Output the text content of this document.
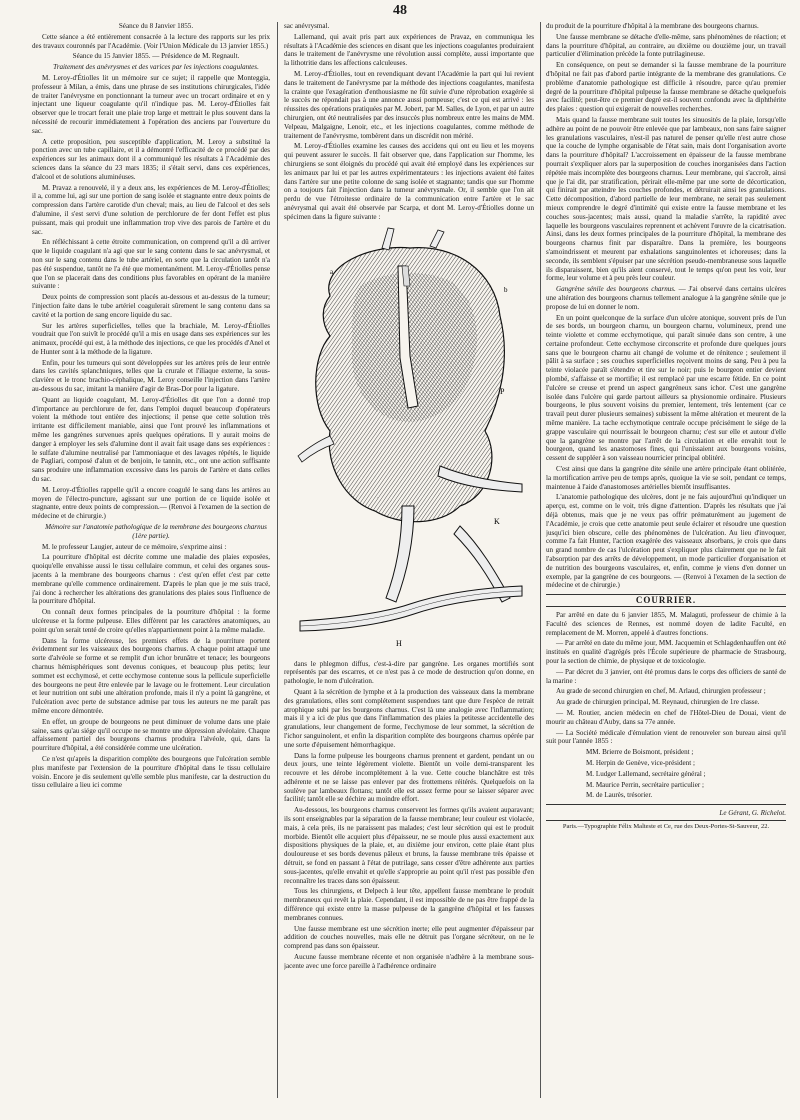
48

Séance du 8 Janvier 1855.

Cette séance a été entièrement consacrée à la lecture des rapports sur les prix des travaux couronnés par l'Académie. (Voir l'Union Médicale du 13 janvier 1855.)

Séance du 15 Janvier 1855. — Présidence de M. Regnault.

Traitement des anévrysmes et des varices par les injections coagulantes.

M. Leroy-d'Étiolles lit un mémoire sur ce sujet; il rappelle que Monteggia, professeur à Milan, a émis, dans une phrase de ses institutions chirurgicales, l'idée de traiter l'anévrysme en ponctionnant la tumeur avec un trocart ordinaire et en y injectant une liqueur coagulante qu'il n'indique pas. M. Leroy-d'Étiolles fait observer que le trocart ferait une plaie trop large et mettrait le plus souvent dans la nécessité de recourir immédiatement à l'opération des anciens par l'ouverture du sac.

A cette proposition, peu susceptible d'application, M. Leroy a substitué la ponction avec un tube capillaire, et il a démontré l'efficacité de ce procédé par des expériences sur les animaux dont il a communiqué les résultats à l'Académie des sciences dans la séance du 23 mars 1835; il s'était servi, dans ces expériences, d'alcool et de solutions aluminéuses.

M. Pravaz a renouvelé, il y a deux ans, les expériences de M. Leroy-d'Étiolles; il a, comme lui, agi sur une portion de sang isolée et stagnante entre deux points de compression dans l'artère carotide d'un cheval; mais, au lieu de l'alcool et des sels d'alumine, il s'est servi d'une solution de perchlorure de fer dont l'effet est plus puissant, mais qui produit une inflammation trop vive des parois de l'artère et du sac.

En réfléchissant à cette étroite communication, on comprend qu'il a dû arriver que le liquide coagulant n'a agi que sur le sang contenu dans le sac anévrysmal, et non sur le sang contenu dans le tube artériel, en sorte que la circulation tantôt n'a pas été suspendue, tantôt ne l'a été que momentanément. M. Leroy-d'Étiolles pense que l'on se placerait dans des conditions plus favorables en opérant de la manière suivante :

Deux points de compression sont placés au-dessous et au-dessus de la tumeur; l'injection faite dans le tube artériel coagulerait sûrement le sang contenu dans sa cavité et la portion de sang encore liquide du sac.

Sur les artères superficielles, telles que la brachiale, M. Leroy-d'Étiolles voudrait que l'on suivît le procédé qu'il a mis en usage dans ses expériences sur les animaux, procédé qui est, à la méthode des injections, ce que les procédés d'Anel et de Hunter sont à la méthode de la ligature.

Enfin, pour les tumeurs qui sont développées sur les artères près de leur entrée dans les cavités splanchniques, telles que la crurale et l'iliaque externe, la sous-clavière et le tronc brachio-céphalique, M. Leroy conseille l'injection dans l'artère au-dessous du sac, imitant la manière d'agir de Bras-Dor pour la ligature.

Quant au liquide coagulant, M. Leroy-d'Étiolles dit que l'on a donné trop d'importance au perchlorure de fer, dans l'emploi duquel beaucoup d'opérateurs voient la méthode tout entière des injections; il pense que cette solution très irritante est difficilement maniable, ainsi que l'ont prouvé les inflammations et même les gangrènes survenues après quelques opérations. Il y aurait moins de danger à employer les sels d'alumine dont il avait fait usage dans ses expériences : le sulfate d'alumine neutralisé par l'ammoniaque et des lavages répétés, le liquide de Pagliari, composé d'alun et de benjoin, le tannin, etc., ont une action suffisante sans produire une inflammation excessive dans les parois de l'artère et dans celles du sac.

M. Leroy-d'Étiolles rappelle qu'il a encore coagulé le sang dans les artères au moyen de l'électro-puncture, agissant sur une portion de ce liquide isolée et stagnante, entre deux points de compression.— (Renvoi à l'examen de la section de médecine et de chirurgie.)

Mémoire sur l'anatomie pathologique de la membrane des bourgeons charnus (1ère partie).

M. le professeur Laugier, auteur de ce mémoire, s'exprime ainsi :

La pourriture d'hôpital est décrite comme une maladie des plaies exposées, quoiqu'elle envahisse aussi le tissu cellulaire commun, et celui des organes sous-jacents à la membrane des bourgeons charnus : c'est qu'en effet c'est par cette membrane qu'elle commence ordinairement. D'après le plan que je me suis tracé, j'ai donc à rechercher les altérations des granulations des plaies sous l'influence de la pourriture d'hôpital.

On connaît deux formes principales de la pourriture d'hôpital : la forme ulcéreuse et la forme pulpeuse. Elles diffèrent par les caractères anatomiques, au point qu'on serait tenté de croire qu'elles n'appartiennent point à la même maladie.

Dans la forme ulcéreuse, les premiers effets de la pourriture portent évidemment sur les vaisseaux des bourgeons charnus. A chaque point attaqué une sorte d'alvéole se forme et se remplit d'un ichor brunâtre et tenace; les bourgeons charnus hémisphériques sont devenus coniques, et beaucoup plus petits; leur sommet est ecchymosé, et cette ecchymose contenue sous la pellicule superficielle des bourgeons ne peut être enlevée par le lavage ou le frottement. Leur circulation et leur nutrition ont subi une altération profonde, mais il n'y a point là gangrène, et l'ulcération avec perte de substance admise par tous les auteurs ne me paraît pas même encore démontrée.

En effet, un groupe de bourgeons ne peut diminuer de volume dans une plaie saine, sans qu'au siége qu'il occupe ne se montre une dépression alvéolaire. Chaque affaissement partiel des bourgeons charnus produira l'alvéole, qui, dans la pourriture d'hôpital, a été considérée comme une ulcération.

Ce n'est qu'après la disparition complète des bourgeons que l'ulcération semble plus manifeste par l'extension de la pourriture d'hôpital dans le tissu cellulaire voisin. Encore je dis seulement qu'elle semble plus manifeste, car la destruction du tissu cellulaire a lieu ici comme

sac anévrysmal.

Lallemand, qui avait pris part aux expériences de Pravaz, en communiqua les résultats à l'Académie des sciences en disant que les injections coagulantes produiraient dans le traitement de l'anévrysme une révolution aussi complète, aussi importante que la lithotritie dans les affections calculeuses.

M. Leroy-d'Étiolles, tout en revendiquant devant l'Académie la part qui lui revient dans le traitement de l'anévrysme par la méthode des injections coagulantes, manifesta la crainte que l'exagération d'enthousiasme ne fût suivie d'une réprobation exagérée si le succès ne répondait pas à une annonce aussi pompeuse; c'est ce qui est arrivé : les réussites des opérations pratiquées par M. Jobert, par M. Salles, de Lyon, et par un autre chirurgien, ont été neutralisées par des insuccès plus nombreux entre les mains de MM. Velpeau, Malgaigne, Lenoir, etc., et les injections coagulantes, comme méthode de traitement de l'anévrysme, tombèrent dans un discrédit non mérité.

M. Leroy-d'Étiolles examine les causes des accidens qui ont eu lieu et les moyens qui peuvent assurer le succès. Il fait observer que, dans l'application sur l'homme, les chirurgiens se sont éloignés du procédé qui avait été employé dans les expériences sur les animaux par lui et par les autres expérimentateurs : les injections avaient été faites dans l'artère sur une petite colonne de sang isolée et stagnante; tandis que sur l'homme on a toujours fait l'injection dans la tumeur anévrysmale. Or, il semble que l'on ait perdu de vue l'étroitesse ordinaire de la communication entre l'artère et le sac anévrysmal qui avait été observée par Scarpa, et dont M. Leroy-d'Étiolles donne un spécimen dans la figure suivante :

a
b
P
K
H

dans le phlegmon diffus, c'est-à-dire par gangrène. Les organes mortifiés sont représentés par des escarres, et ce n'est pas à ce mode de destruction qu'on donne, en pathologie, le nom d'ulcération.

Quant à la sécrétion de lymphe et à la production des vaisseaux dans la membrane des granulations, elles sont complétement suspendues tant que dure l'espèce de retrait atrophique subi par les bourgeons charnus. C'est là une analogie avec l'inflammation; mais il y a ici de plus que dans l'inflammation des plaies la petitesse accidentelle des granulations, leur changement de forme, l'ecchymose de leur sommet, la sécrétion de l'ichor sanguinolent, et enfin la disparition complète des bourgeons charnus opérée par une sorte d'épuisement hémorrhagique.

Dans la forme pulpeuse les bourgeons charnus prennent et gardent, pendant un ou deux jours, une teinte légèrement violette. Bientôt un voile demi-transparent les recouvre et les dérobe incomplétement à la vue. Cette couche blanchâtre est très adhérente et ne se laisse pas enlever par des frottemens réitérés. Quelquefois on la soulève par lambeaux flottans; tantôt elle est assez ferme pour se laisser séparer avec facilité; tantôt elle se déchire au moindre effort.

Au-dessous, les bourgeons charnus conservent les formes qu'ils avaient auparavant; ils sont enseignables par la séparation de la fausse membrane; leur couleur est violacée, mais, à cela près, ils ne paraissent pas malades; c'est leur sécrétion qui est le produit morbide. Bientôt elle acquiert plus d'épaisseur, ne se moule plus aussi exactement aux dispositions physiques de la plaie, et, au dixième jour environ, cette plaie étant plus douloureuse et ses bords devenus pâleux et bruns, la fausse membrane très épaisse et détruit, se fond en passant à l'état de putrilage, sans cesser d'être adhérente aux parties sous-jacentes, qu'elle envahit et qu'elle s'approprie au point qu'il n'est pas possible d'en reconnaître les traces dans son épaisseur.

Tous les chirurgiens, et Delpech à leur tête, appellent fausse membrane le produit membraneux qui revêt la plaie. Cependant, il est impossible de ne pas être frappé de la différence qui existe entre la masse pulpeuse de la gangrène d'hôpital et les fausses membranes connues.

Une fausse membrane est une sécrétion inerte; elle peut augmenter d'épaisseur par addition de couches nouvelles, mais elle ne détruit pas l'organe sécréteur, on ne le comprend pas dans son épaisseur.

Aucune fausse membrane récente et non organisée n'adhère à la membrane sous-jacente avec une force pareille à l'adhérence ordinaire

du produit de la pourriture d'hôpital à la membrane des bourgeons charnus.

Une fausse membrane se détache d'elle-même, sans phénomènes de réaction; et dans la pourriture d'hôpital, au contraire, au dixième ou douzième jour, un travail particulier d'élimination précède la fonte putrilagineuse.

En conséquence, on peut se demander si la fausse membrane de la pourriture d'hôpital ne fait pas d'abord partie intégrante de la membrane des granulations. Ce problème d'anatomie pathologique est difficile à résoudre, parce qu'au premier degré de la pourriture d'hôpital pulpeuse la fausse membrane se détache quelquefois avec facilité; peut-être ce premier degré est-il souvent confondu avec la diphthérite des plaies : question qui exigerait de nouvelles recherches.

Mais quand la fausse membrane suit toutes les sinuosités de la plaie, lorsqu'elle adhère au point de ne pouvoir être enlevée que par lambeaux, non sans faire saigner les granulations vasculaires, n'est-il pas naturel de penser qu'elle n'est autre chose que la couche de lymphe organisable de l'état sain, mais dont l'organisation avorte dans la pourriture d'hôpital? L'accroissement en épaisseur de la fausse membrane pourrait s'expliquer alors par la superposition de couches inorganisées dans l'action répétée mais incomplète des bourgeons charnus. Leur membrane, qui s'accroît, ainsi que je l'ai dit, par stratification, périrait elle-même par une sorte de décortication, qui finirait par atteindre les couches profondes, et détruirait ainsi les granulations. Cette décomposition, d'abord partielle de leur membrane, ne serait pas seulement mieux comprendre le degré d'intimité qui existe entre la fausse membrane et les couches sous-jacentes; mais aussi, quand la maladie s'arrête, la rapidité avec laquelle les bourgeons vasculaires reprennent et achèvent l'œuvre de la cicatrisation. Ainsi, dans les deux formes principales de la pourriture d'hôpital, la membrane des bourgeons charnus finit par disparaître. Dans la première, les bourgeons s'amoindrissent et meurent par exhalations sanguinolentes et ichoreuses; dans la seconde, ils semblent s'épuiser par une sécrétion pseudo-membraneuse sous laquelle ils disparaissent, bien qu'ils aient conservé, tout le temps qu'on peut les voir, leur forme, leur volume et à peu près leur couleur.

Gangrène sénile des bourgeons charnus. — J'ai observé dans certains ulcères une altération des bourgeons charnus tellement analogue à la gangrène sénile que je propose de lui en donner le nom.

En un point quelconque de la surface d'un ulcère atonique, souvent près de l'un de ses bords, un bourgeon charnu, un bourgeon charnu, volumineux, prend une teinte violette et comme ecchymotique, qui paraît sinuée dans son centre, à une certaine profondeur. Cette ecchymose circonscrite et profonde dure quelques jours sans que le bourgeon charnu ait changé de volume et de rénitence ; seulement il pâlit à sa surface ; ses couches superficielles reçoivent moins de sang. Peu à peu la teinte violacée paraît s'étendre et tire sur le noir; puis le bourgeon entier devient plombé, s'affaisse et se mortifie; il est remplacé par une escarre fétide. En ce point l'ulcère se creuse et prend un aspect gangréneux sans ichor. C'est une gangrène isolée dans l'ulcère qui garde partout ailleurs sa physionomie ordinaire. Plusieurs bourgeons, le plus souvent voisins du premier, lentement, très lentement (car ce travail peut durer plusieurs semaines) subissent la même altération et meurent de la même manière. La tache ecchymotique centrale occupe précisément le siége de la grappe vasculaire qui nourrissait le bourgeon charnu; c'est sur elle et autour d'elle que la gangrène se montre par l'arrêt de la circulation et elle envahit tout le bourgeon, quand les anastomoses fines, qui l'unissaient aux bourgeons voisins, cessent de suppléer à son vaisseau nourricier principal oblitéré.

C'est ainsi que dans la gangrène dite sénile une artère principale étant oblitérée, la mortification arrive peu de temps après, quoique la vie se soit, pendant ce temps, maintenue à l'aide d'anastomoses artérielles bientôt insuffisantes.

L'anatomie pathologique des ulcères, dont je ne fais aujourd'hui qu'indiquer un aperçu, est, comme on le voit, très digne d'attention. D'après les résultats que j'ai déjà obtenus, mais que je ne veux pas offrir prématurément au jugement de l'Académie, je crois que cette anatomie peut seule éclairer et résoudre une question jusqu'ici bien obscure, celle des phénomènes de l'ulcération. Au lieu d'invoquer, comme l'a fait Hunter, l'action exagérée des vaisseaux absorbans, je crois que dans un grand nombre de cas l'ulcération peut s'expliquer plus clairement que ne le fait l'absorption par des arrêts de développement, un mode particulier d'organisation et de nutrition des bourgeons vasculaires, et, enfin, comme je viens d'en donner un exemple, par la gangrène de ces bourgeons. — (Renvoi à l'examen de la section de médecine et de chirurgie.)

COURRIER.

Par arrêté en date du 6 janvier 1855, M. Malaguti, professeur de chimie à la Faculté des sciences de Rennes, est nommé doyen de ladite Faculté, en remplacement de M. Morren, appelé à d'autres fonctions.

— Par arrêté en date du même jour, MM. Jacquemin et Schlagdenhauffen ont été institués en qualité d'agrégés près l'École supérieure de pharmacie de Strasbourg, pour la section de chimie, de physique et de toxicologie.

— Par décret du 3 janvier, ont été promus dans le corps des officiers de santé de la marine :

Au grade de second chirurgien en chef, M. Arlaud, chirurgien professeur ;

Au grade de chirurgien principal, M. Reynaud, chirurgien de 1re classe.

— M. Routier, ancien médecin en chef de l'Hôtel-Dieu de Douai, vient de mourir au château d'Auby, dans sa 77e année.

— La Société médicale d'émulation vient de renouveler son bureau ainsi qu'il suit pour l'année 1855 :

MM. Brierre de Boismont, président ;

M. Herpin de Genève, vice-président ;

M. Ludger Lallemand, secrétaire général ;

M. Maurice Perrin, secrétaire particulier ;

M. de Laurès, trésorier.

Le Gérant, G. Richelot.

Paris.—Typographie Félix Malteste et Ce, rue des Deux-Portes-St-Sauveur, 22.
